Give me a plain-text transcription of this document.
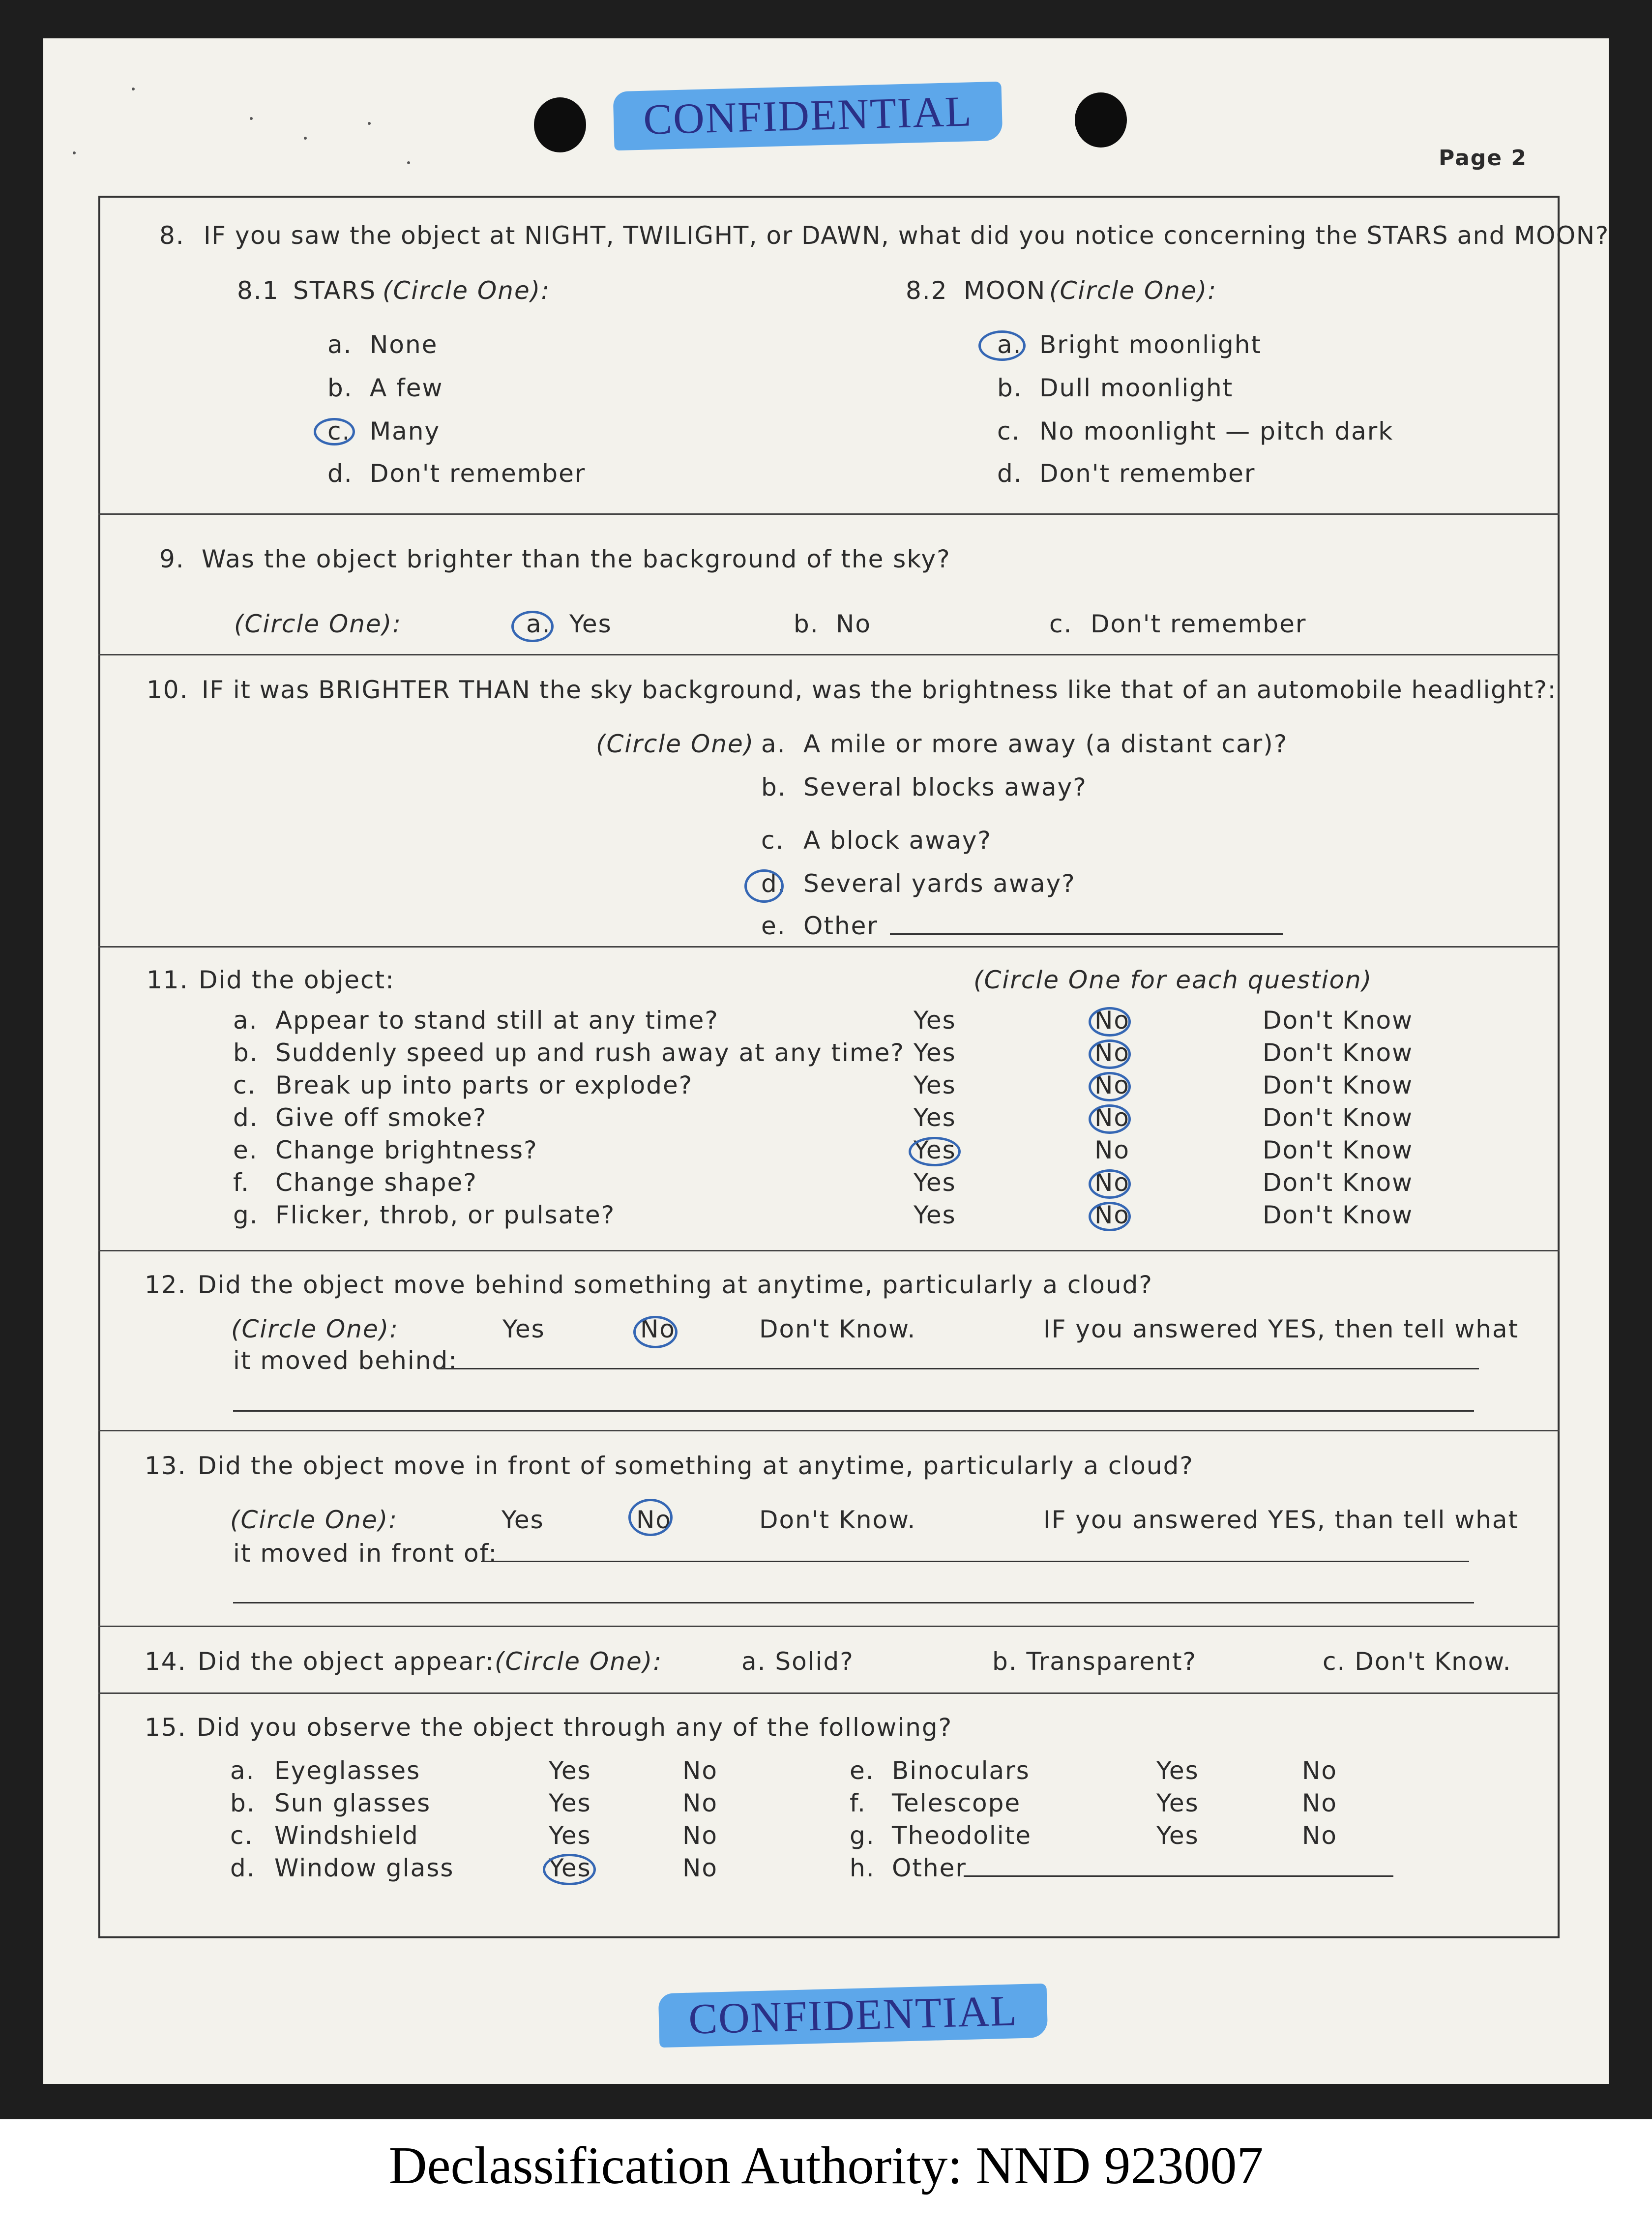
CONFIDENTIAL
Page 2
8. IF you saw the object at NIGHT, TWILIGHT, or DAWN, what did you notice concerning the STARS and MOON?
8.1 STARS (Circle One):	8.2 MOON (Circle One):
a. None
b. A few
c. Many
d. Don't remember
a. Bright moonlight
b. Dull moonlight
c. No moonlight — pitch dark
d. Don't remember
9. Was the object brighter than the background of the sky?
(Circle One):	a. Yes	b. No	c. Don't remember
10. IF it was BRIGHTER THAN the sky background, was the brightness like that of an automobile headlight?:
(Circle One) a. A mile or more away (a distant car)?
b. Several blocks away?
c. A block away?
d. Several yards away?
e. Other
11. Did the object:	(Circle One for each question)
a. Appear to stand still at any time?	Yes	No	Don't Know
b. Suddenly speed up and rush away at any time? Yes	No	Don't Know
c. Break up into parts or explode?	Yes	No	Don't Know
d. Give off smoke?	Yes	No	Don't Know
e. Change brightness?	Yes	No	Don't Know
f. Change shape?	Yes	No	Don't Know
g. Flicker, throb, or pulsate?	Yes	No	Don't Know
12. Did the object move behind something at anytime, particularly a cloud?
(Circle One):	Yes	No	Don't Know.	IF you answered YES, then tell what
it moved behind:
13. Did the object move in front of something at anytime, particularly a cloud?
(Circle One):	Yes	No	Don't Know.	IF you answered YES, than tell what
it moved in front of:
14. Did the object appear: (Circle One):	a. Solid?	b. Transparent?	c. Don't Know.
15. Did you observe the object through any of the following?
a. Eyeglasses	Yes	No
b. Sun glasses	Yes	No
c. Windshield	Yes	No
d. Window glass	Yes	No
e. Binoculars	Yes	No
f. Telescope	Yes	No
g. Theodolite	Yes	No
h. Other
CONFIDENTIAL
Declassification Authority: NND 923007
